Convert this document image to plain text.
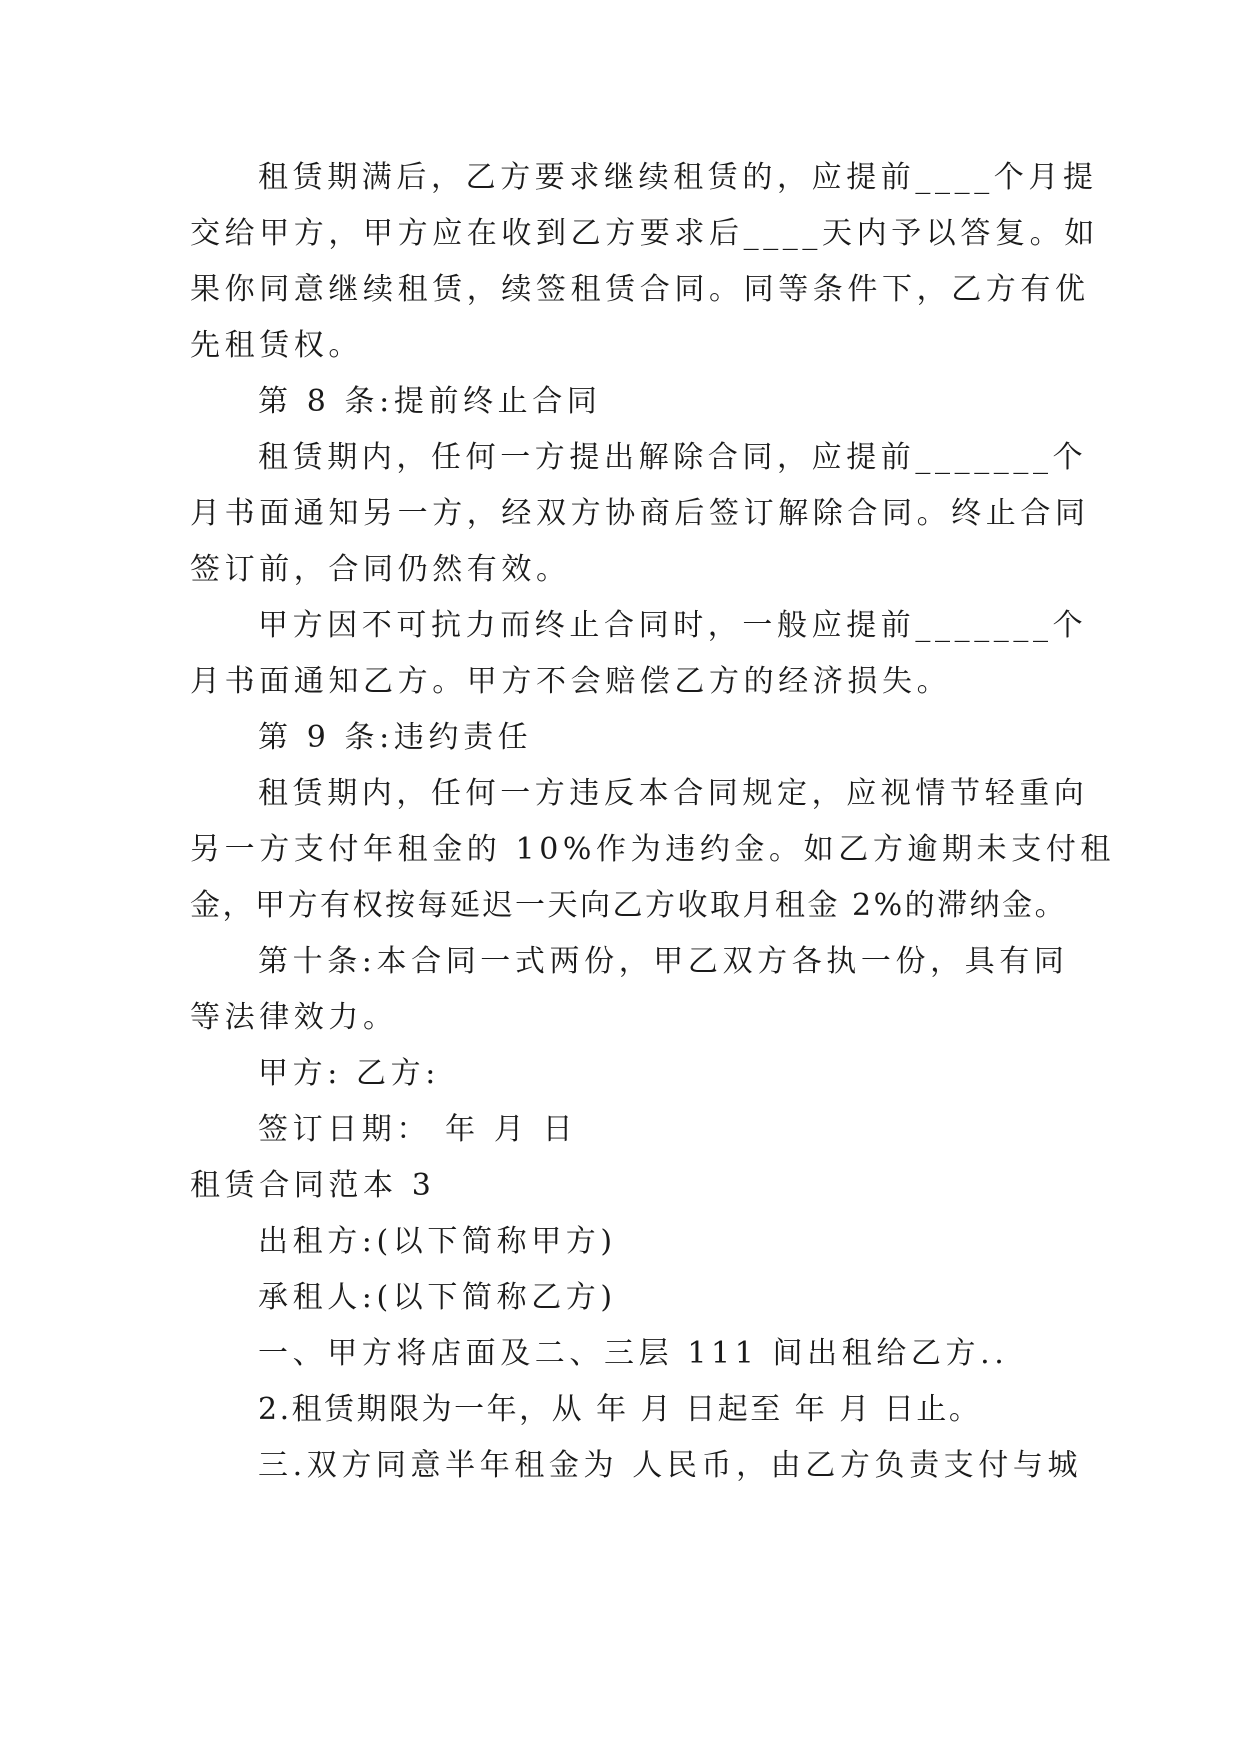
租赁期满后，乙方要求继续租赁的，应提前____个月提
交给甲方，甲方应在收到乙方要求后____天内予以答复。如
果你同意继续租赁，续签租赁合同。同等条件下，乙方有优
先租赁权。
第 8 条:提前终止合同
租赁期内，任何一方提出解除合同，应提前_______个
月书面通知另一方，经双方协商后签订解除合同。终止合同
签订前，合同仍然有效。
甲方因不可抗力而终止合同时，一般应提前_______个
月书面通知乙方。甲方不会赔偿乙方的经济损失。
第 9 条:违约责任
租赁期内，任何一方违反本合同规定，应视情节轻重向
另一方支付年租金的 10%作为违约金。如乙方逾期未支付租
金，甲方有权按每延迟一天向乙方收取月租金 2%的滞纳金。
第十条:本合同一式两份，甲乙双方各执一份，具有同
等法律效力。
甲方: 乙方:
签订日期： 年 月 日
租赁合同范本 3
出租方:(以下简称甲方)
承租人:(以下简称乙方)
一、甲方将店面及二、三层 111 间出租给乙方..
2.租赁期限为一年，从 年 月 日起至 年 月 日止。
三.双方同意半年租金为 人民币，由乙方负责支付与城
